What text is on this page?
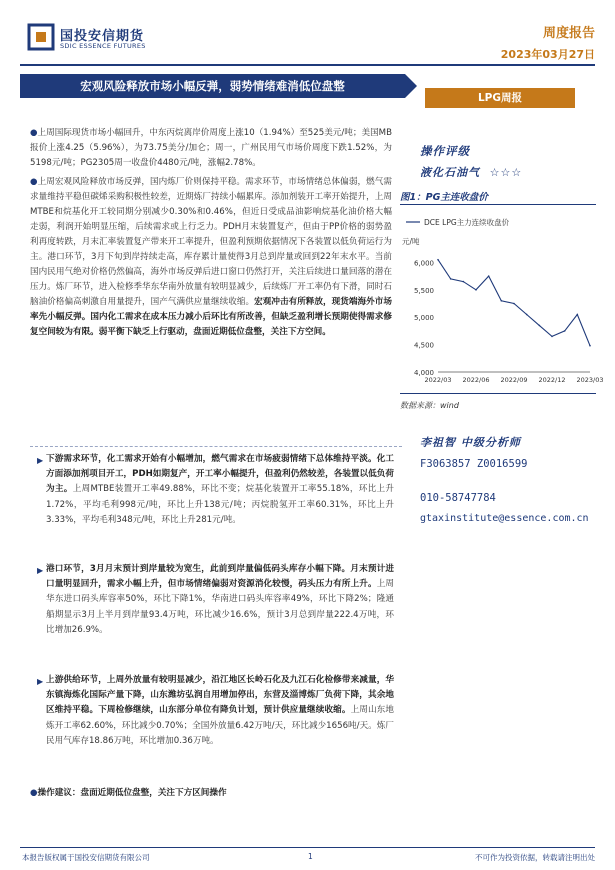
国投安信期货
SDIC ESSENCE FUTURES
周度报告
2023年03月27日
宏观风险释放市场小幅反弹，弱势情绪难消低位盘整
LPG周报

●上周国际现货市场小幅回升，中东丙烷离岸价周度上涨10（1.94%）至525美元/吨；美国MB报价上涨4.25（5.96%），为73.75美分/加仑；周一，广州民用气市场价周度下跌1.52%，为5198元/吨；PG2305周一收盘价4480元/吨，涨幅2.78%。

●上周宏观风险释放市场反弹，国内炼厂价则保持平稳。需求环节，市场情绪总体偏弱，燃气需求量维持平稳但碳烯采购积极性较差，近期炼厂持续小幅累库。添加剂装开工率开始提升，上周MTBE和烷基化开工较同期分别减少0.30%和0.46%，但近日受成品油影响烷基化油价格大幅走弱，利润开始明显压缩，后续需求或上行乏力。PDH月末装置复产，但由于PP价格的弱势盈利再度转跌，月末汇率装置复产带来开工率提升，但盈利预期依据情况下各装置以低负荷运行为主。港口环节，3月下旬到岸持续走高，库存累计量使得3月总到岸量或回到22年末水平。当前国内民用气绝对价格仍然偏高，海外市场反弹后进口窗口仍然打开，关注后续进口量回落的潜在压力。炼厂环节，进入检修季华东华南外放量有较明显减少，后续炼厂开工率仍有下滑，同时石脑油价格偏高刺激自用量提升，国产气满供应量继续收缩。宏观冲击有所释放，现货端海外市场率先小幅反弹。国内化工需求在成本压力减小后环比有所改善，但缺乏盈利增长预期使得需求修复空间较为有限。弱平衡下缺乏上行驱动，盘面近期低位盘整，关注下方空间。

▶ 下游需求环节，化工需求开始有小幅增加，燃气需求在市场疲弱情绪下总体维持平淡。化工方面添加剂项目开工，PDH如期复产，开工率小幅提升，但盈利仍然较差，各装置以低负荷为主。上周MTBE装置开工率49.88%，环比不变；烷基化装置开工率55.18%，环比上升1.72%，平均毛利998元/吨，环比上升138元/吨；丙烷脱氢开工率60.31%，环比上升3.33%，平均毛利348元/吨，环比上升281元/吨。

▶ 港口环节，3月月末预计到岸量较为宽生，此前到岸量偏低码头库存小幅下降。月末预计进口量明显回升，需求小幅上升，但市场情绪偏弱对资源消化较慢，码头压力有所上升。上周华东进口码头库容率50%，环比下降1%，华南进口码头库容率49%，环比下降2%；隆通船期显示3月上半月到岸量93.4万吨，环比减少16.6%，预计3月总到岸量222.4万吨，环比增加26.9%。

▶ 上游供给环节，上周外放量有较明显减少，沿江地区长岭石化及九江石化检修带来减量，华东镇海炼化国际产量下降，山东潍坊弘润自用增加停出，东营及淄博炼厂负荷下降，其余地区维持平稳。下周检修继续，山东部分单位有降负计划，预计供应量继续收缩。上周山东地炼开工率62.60%，环比减少0.70%；全国外放量6.42万吨/天，环比减少1656吨/天。炼厂民用气库存18.86万吨，环比增加0.36万吨。

●操作建议：盘面近期低位盘整，关注下方区间操作
操作评级
液化石油气 ☆☆☆
图1：PG主连收盘价
DCE LPG主力连续收盘价
元/吨
4,000
4,500
5,000
5,500
6,000
2022/03 2022/06 2022/09 2022/12 2023/03
数据来源：wind
李祖智 中级分析师
F3063857 Z0016599
010-58747784
gtaxinstitute@essence.com.cn
本报告版权属于国投安信期货有限公司	1	不可作为投资依据，转载请注明出处
